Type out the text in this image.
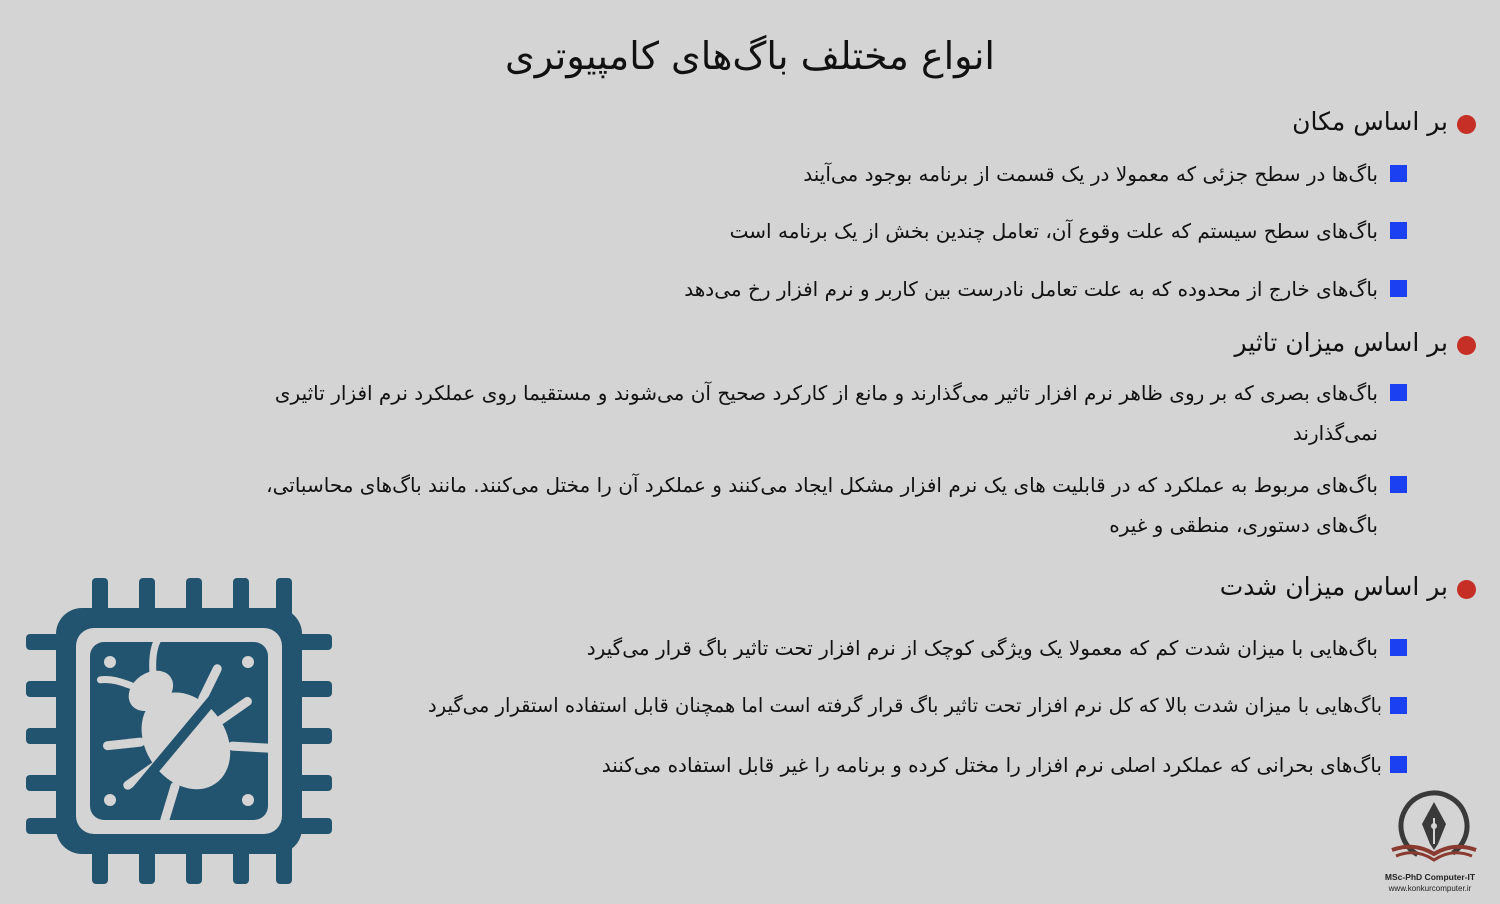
انواع مختلف باگ‌های کامپیوتری
بر اساس مکان
باگ‌ها در سطح جزئی که معمولا در یک قسمت از برنامه بوجود می‌آیند
باگ‌های سطح سیستم که علت وقوع آن، تعامل چندین بخش از یک برنامه است
باگ‌های خارج از محدوده که به علت تعامل نادرست بین کاربر و نرم افزار رخ می‌دهد
بر اساس میزان تاثیر
باگ‌های بصری که بر روی ظاهر نرم افزار تاثیر می‌گذارند و مانع از کارکرد صحیح آن می‌شوند و مستقیما روی عملکرد نرم افزار تاثیری نمی‌گذارند
باگ‌های مربوط به عملکرد که در قابلیت های یک نرم افزار مشکل ایجاد می‌کنند و عملکرد آن را مختل می‌کنند. مانند باگ‌های محاسباتی، باگ‌های دستوری، منطقی و غیره
بر اساس میزان شدت
باگ‌هایی با میزان شدت کم که معمولا یک ویژگی کوچک از نرم افزار تحت تاثیر باگ قرار می‌گیرد
باگ‌هایی با میزان شدت بالا که کل نرم افزار تحت تاثیر باگ قرار گرفته است اما همچنان قابل استفاده استقرار می‌گیرد
باگ‌های بحرانی که عملکرد اصلی نرم افزار را مختل کرده و برنامه را غیر قابل استفاده می‌کنند
MSc-PhD Computer-IT
www.konkurcomputer.ir
